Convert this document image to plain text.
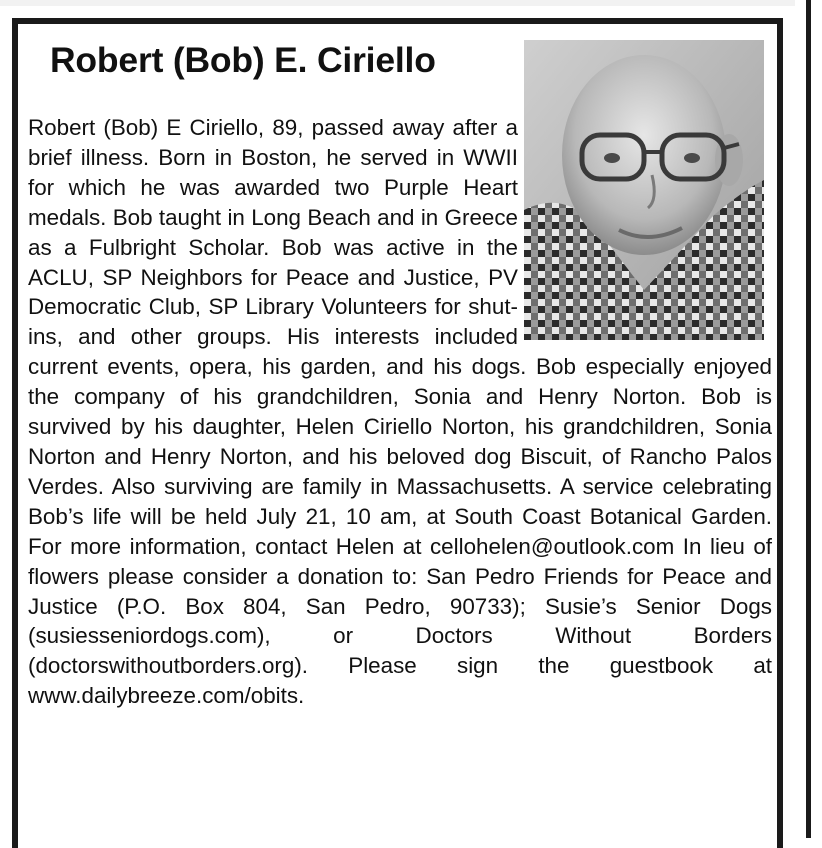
Robert (Bob) E. Ciriello

Robert (Bob) E Ciriello, 89, passed away after a brief illness. Born in Boston, he served in WWII for which he was awarded two Purple Heart medals. Bob taught in Long Beach and in Greece as a Fulbright Scholar. Bob was active in the ACLU, SP Neighbors for Peace and Justice, PV Democratic Club, SP Library Volunteers for shut-ins, and other groups. His interests included current events, opera, his garden, and his dogs. Bob especially enjoyed the company of his grandchildren, Sonia and Henry Norton. Bob is survived by his daughter, Helen Ciriello Norton, his grandchildren, Sonia Norton and Henry Norton, and his beloved dog Biscuit, of Rancho Palos Verdes. Also surviving are family in Massachusetts. A service celebrating Bob’s life will be held July 21, 10 am, at South Coast Botanical Garden. For more information, contact Helen at cellohelen@outlook.com In lieu of flowers please consider a donation to: San Pedro Friends for Peace and Justice (P.O. Box 804, San Pedro, 90733); Susie’s Senior Dogs (susiesseniordogs.com), or Doctors Without Borders (doctorswithoutborders.org). Please sign the guestbook at www.dailybreeze.com/obits.
